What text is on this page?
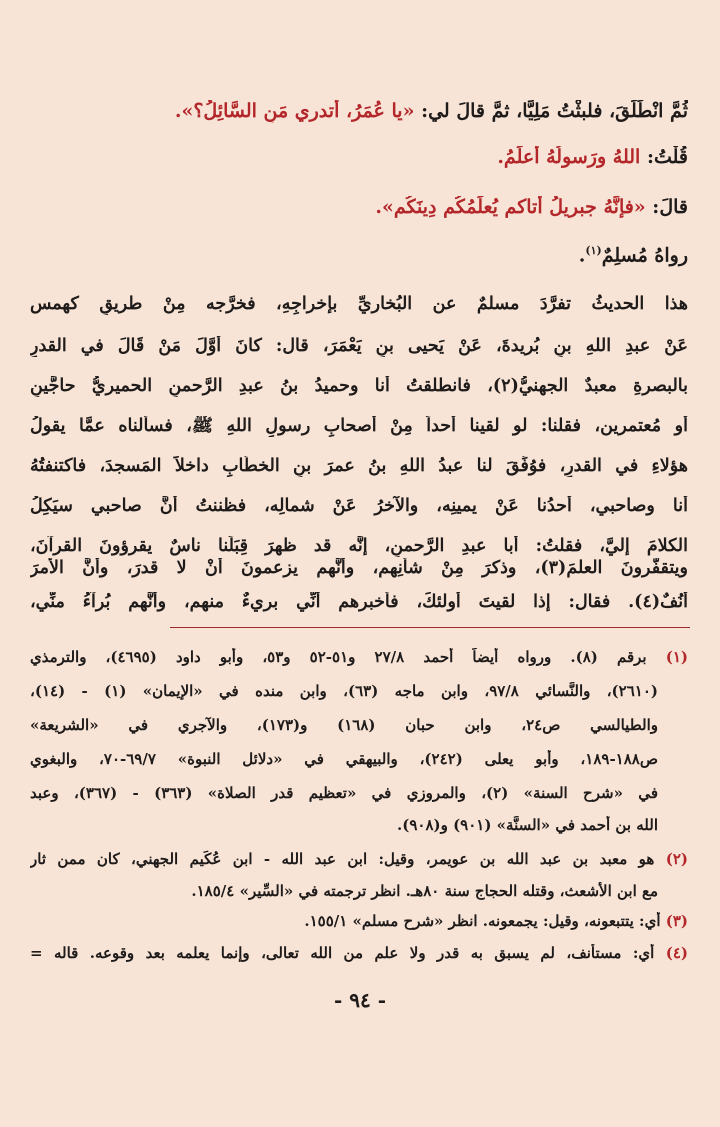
ثُمَّ انْطَلَقَ، فلبثْتُ مَلِيًّا، ثمَّ قالَ لي: «يا عُمَرُ، أتدري مَنِ السَّائِلُ؟».
قُلْتُ: اللهُ ورَسولُهُ أَعلَمُ.
قالَ: «فإنَّهُ جبريلُ أتاكم يُعلِّمُكُم دِينَكُم».
رواهُ مُسلِمٌ$^{(١)}$.
هذا الحديثُ تفرَّدَ مسلمٌ عن البُخاريِّ بإخراجِهِ، فخرَّجه مِنْ طريقِ كهمس
عَنْ عبدِ اللهِ بنِ بُريدةَ، عَنْ يَحيى بنِ يَعْمَرَ، قال: كانَ أوَّلَ مَنْ قَالَ في القدرِ
بالبصرةِ معبدٌ الجهنيُّ(٢)، فانطلقتُ أنا وحميدُ بنُ عبدِ الرَّحمنِ الحميريُّ حاجَّينِ
أو مُعتمرين، فقلنا: لو لقينا أحداً مِنْ أصحابِ رسولِ اللهِ ﷺ، فسألناه عمَّا يقولُ
هؤلاءِ في القدرِ، فوُفِّقَ لنا عبدُ اللهِ بنُ عمرَ بنِ الخطَّابِ داخلاً المَسجدَ، فاكتنفتُهُ
أنا وصاحبي، أحدُنا عَنْ يمينِه، والآخرُ عَنْ شمالِه، فظننتُ أنَّ صاحبي سيَكِلُ
الكلامَ إليَّ، فقلتُ: أبا عبدِ الرَّحمنِ، إنَّه قد ظهرَ قِبَلَنا ناسٌ يقرؤونَ القرآنَ،
ويتقفَّرونَ العلمَ(٣)، وذكرَ مِنْ شأنِهم، وأنَّهم يزعمونَ أنْ لا قدرَ، وأنَّ الأمرَ
أُنُفٌ(٤). فقال: إذا لقيتَ أولئكَ، فأخبرهم أنِّي بريءٌ منهم، وأنَّهم بُرآءُ منِّي،
(١) برقم (٨). ورواه أيضاً أحمد ٢٧/٨ و٥١-٥٢ و٥٣، وأبو داود (٤٦٩٥)، والترمذي
(٢٦١٠)، والنَّسائي ٩٧/٨، وابن ماجه (٦٣)، وابن منده في «الإيمان» (١) - (١٤)،
والطيالسي ص٢٤، وابن حبان (١٦٨) و(١٧٣)، والآجري في «الشريعة»
ص١٨٨-١٨٩، وأبو يعلى (٢٤٢)، والبيهقي في «دلائل النبوة» ٦٩/٧-٧٠، والبغوي
في «شرح السنة» (٢)، والمروزي في «تعظيم قدر الصلاة» (٣٦٣) - (٣٦٧)، وعبد
الله بن أحمد في «السنَّة» (٩٠١) و(٩٠٨).
(٢) هو معبد بن عبد الله بن عويمر، وقيل: ابن عبد الله - ابن عُكَيم الجهني، كان ممن ثار
مع ابن الأشعث، وقتله الحجاج سنة ٨٠هـ. انظر ترجمته في «السِّير» ١٨٥/٤.
(٣) أي: يتتبعونه، وقيل: يجمعونه. انظر «شرح مسلم» ١٥٥/١.
(٤) أي: مستأنف، لم يسبق به قدر ولا علم من الله تعالى، وإنما يعلمه بعد وقوعه. قاله =
- ٩٤ -
